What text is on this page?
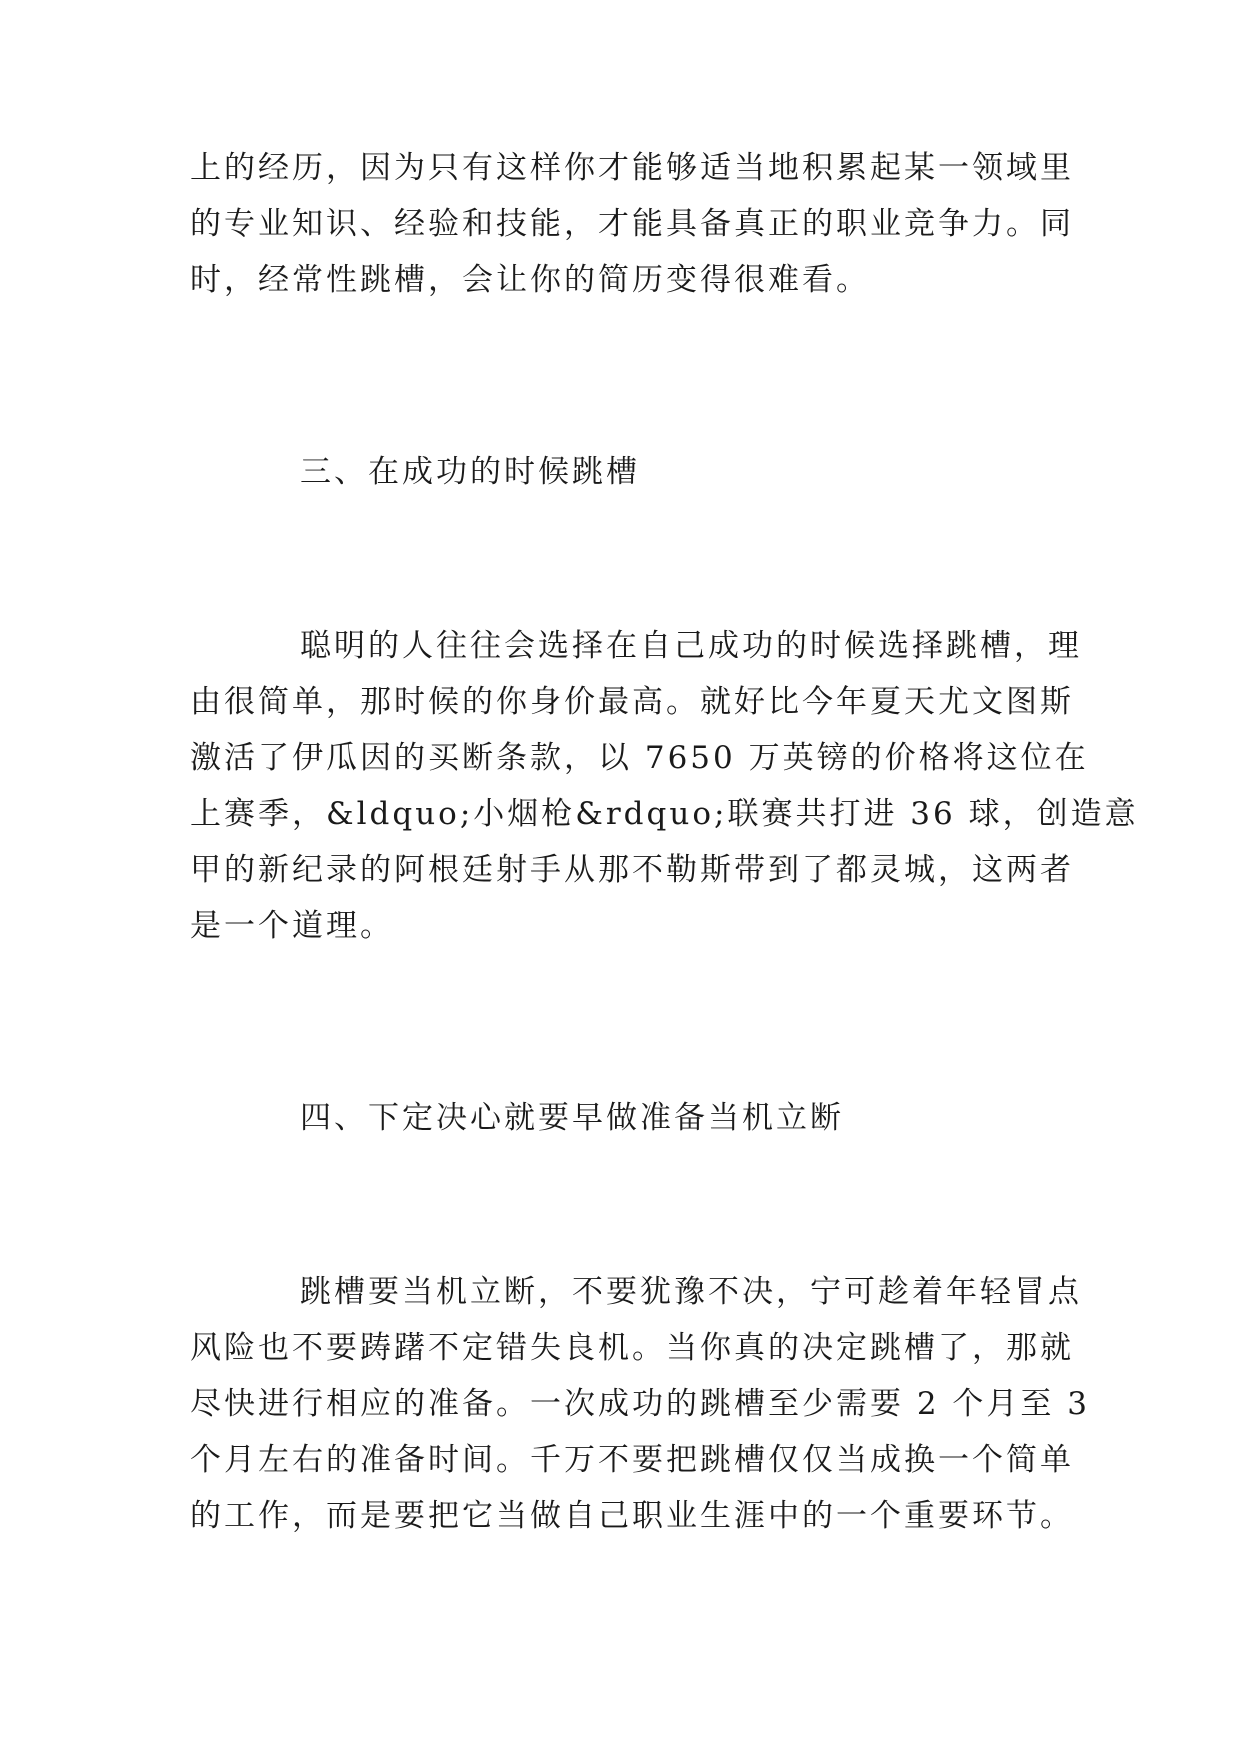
上的经历，因为只有这样你才能够适当地积累起某一领域里
的专业知识、经验和技能，才能具备真正的职业竞争力。同
时，经常性跳槽，会让你的简历变得很难看。
三、在成功的时候跳槽
聪明的人往往会选择在自己成功的时候选择跳槽，理
由很简单，那时候的你身价最高。就好比今年夏天尤文图斯
激活了伊瓜因的买断条款，以 7650 万英镑的价格将这位在
上赛季，&ldquo;小烟枪&rdquo;联赛共打进 36 球，创造意
甲的新纪录的阿根廷射手从那不勒斯带到了都灵城，这两者
是一个道理。
四、下定决心就要早做准备当机立断
跳槽要当机立断，不要犹豫不决，宁可趁着年轻冒点
风险也不要踌躇不定错失良机。当你真的决定跳槽了，那就
尽快进行相应的准备。一次成功的跳槽至少需要 2 个月至 3
个月左右的准备时间。千万不要把跳槽仅仅当成换一个简单
的工作，而是要把它当做自己职业生涯中的一个重要环节。
